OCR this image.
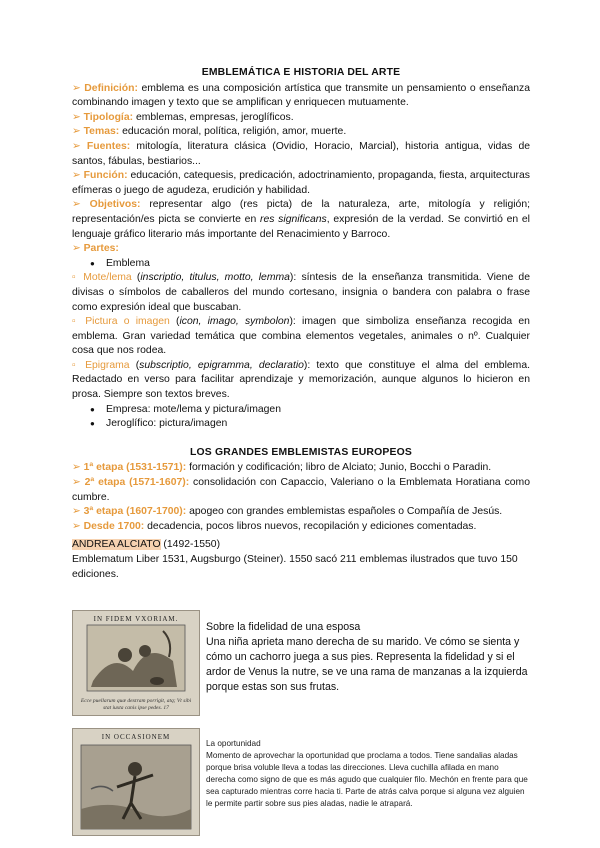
EMBLEMÁTICA E HISTORIA DEL ARTE

➢ Definición: emblema es una composición artística que transmite un pensamiento o enseñanza combinando imagen y texto que se amplifican y enriquecen mutuamente.

➢ Tipología: emblemas, empresas, jeroglíficos.

➢ Temas: educación moral, política, religión, amor, muerte.

➢ Fuentes: mitología, literatura clásica (Ovidio, Horacio, Marcial), historia antigua, vidas de santos, fábulas, bestiarios...

➢ Función: educación, catequesis, predicación, adoctrinamiento, propaganda, fiesta, arquitecturas efímeras o juego de agudeza, erudición y habilidad.

➢ Objetivos: representar algo (res picta) de la naturaleza, arte, mitología y religión; representación/es picta se convierte en res significans, expresión de la verdad. Se convirtió en el lenguaje gráfico literario más importante del Renacimiento y Barroco.

➢ Partes:

● Emblema

▫ Mote/lema (inscriptio, titulus, motto, lemma): síntesis de la enseñanza transmitida. Viene de divisas o símbolos de caballeros del mundo cortesano, insignia o bandera con palabra o frase como expresión ideal que buscaban.

▫ Pictura o imagen (icon, imago, symbolon): imagen que simboliza enseñanza recogida en emblema. Gran variedad temática que combina elementos vegetales, animales o nº. Cualquier cosa que nos rodea.

▫ Epigrama (subscriptio, epigramma, declaratio): texto que constituye el alma del emblema. Redactado en verso para facilitar aprendizaje y memorización, aunque algunos lo hicieron en prosa. Siempre son textos breves.

● Empresa: mote/lema y pictura/imagen
● Jeroglífico: pictura/imagen
LOS GRANDES EMBLEMISTAS EUROPEOS

➢ 1ª etapa (1531-1571): formación y codificación; libro de Alciato; Junio, Bocchi o Paradin.

➢ 2ª etapa (1571-1607): consolidación con Capaccio, Valeriano o la Emblemata Horatiana como cumbre.

➢ 3ª etapa (1607-1700): apogeo con grandes emblemistas españoles o Compañía de Jesús.

➢ Desde 1700: decadencia, pocos libros nuevos, recopilación y ediciones comentadas.

ANDREA ALCIATO (1492-1550)

Emblematum Liber 1531, Augsburgo (Steiner). 1550 sacó 211 emblemas ilustrados que tuvo 150 ediciones.

IN FIDEM VXORIAM.
Ecce puellarum quæ dextram porrigit, atq; Vt sibi stat iuxta canis ipse pedes. 17
Sobre la fidelidad de una esposa
Una niña aprieta mano derecha de su marido. Ve cómo se sienta y cómo un cachorro juega a sus pies. Representa la fidelidad y si el ardor de Venus la nutre, se ve una rama de manzanas a la izquierda porque estas son sus frutas.
IN OCCASIONEM
La oportunidad
Momento de aprovechar la oportunidad que proclama a todos. Tiene sandalias aladas porque brisa voluble lleva a todas las direcciones. Lleva cuchilla afilada en mano derecha como signo de que es más agudo que cualquier filo. Mechón en frente para que sea capturado mientras corre hacia ti. Parte de atrás calva porque si alguna vez alguien le permite partir sobre sus pies aladas, nadie le atrapará.
